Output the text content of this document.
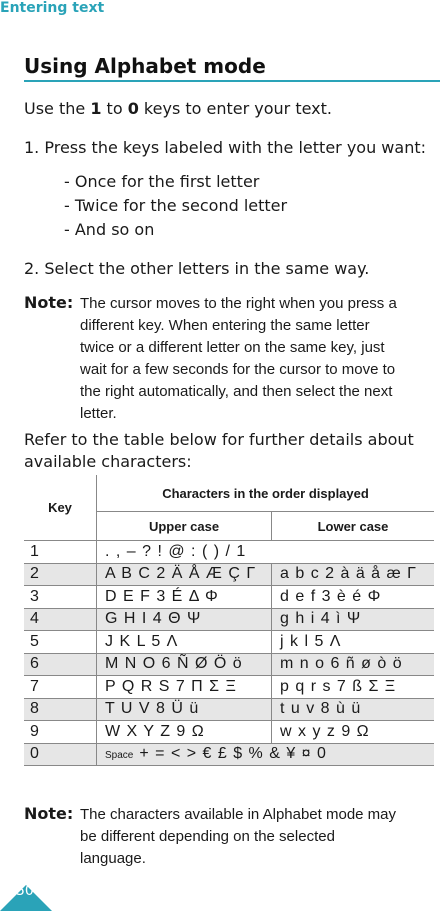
Entering text
Using Alphabet mode
Use the 1 to 0 keys to enter your text.
1. Press the keys labeled with the letter you want:
- Once for the first letter
- Twice for the second letter
- And so on
2. Select the other letters in the same way.
Note: The cursor moves to the right when you press a
different key. When entering the same letter
twice or a different letter on the same key, just
wait for a few seconds for the cursor to move to
the right automatically, and then select the next
letter.
Refer to the table below for further details about
available characters:
Key	Characters in the order displayed	
	Upper case	Lower case
1	. , – ? ! @ : ( ) / 1	
2	A B C 2 Ä Å Æ Ç Γ	a b c 2 à ä å æ Γ
3	D E F 3 É Δ Φ	d e f 3 è é Φ
4	G H I 4 Θ Ψ	g h i 4 ì Ψ
5	J K L 5 Λ	j k l 5 Λ
6	M N O 6 Ñ Ø Ö ö	m n o 6 ñ ø ò ö
7	P Q R S 7 Π Σ Ξ	p q r s 7 ß Σ Ξ
8	T U V 8 Ü ü	t u v 8 ù ü
9	W X Y Z 9 Ω	w x y z 9 Ω
0	Space + = < > € £ $ % & ¥ ¤ 0	
Note: The characters available in Alphabet mode may
be different depending on the selected
language.
50
